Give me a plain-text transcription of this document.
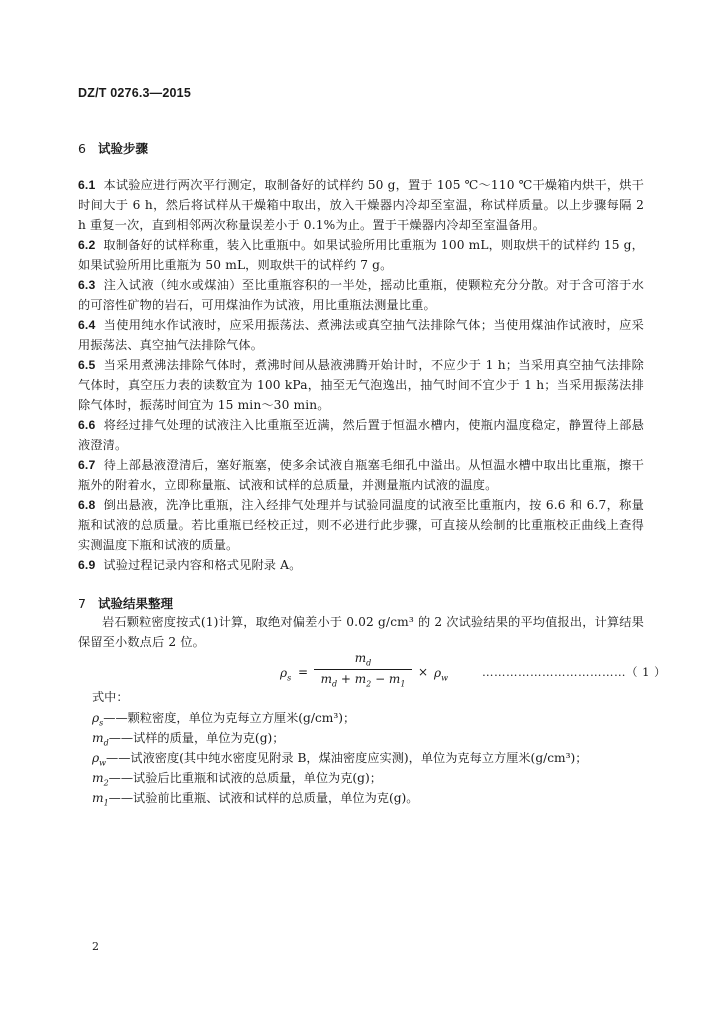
DZ/T 0276.3—2015
6 试验步骤
6.1 本试验应进行两次平行测定，取制备好的试样约 50 g，置于 105 ℃～110 ℃干燥箱内烘干，烘干时间大于 6 h，然后将试样从干燥箱中取出，放入干燥器内冷却至室温，称试样质量。以上步骤每隔 2 h 重复一次，直到相邻两次称量误差小于 0.1%为止。置于干燥器内冷却至室温备用。
6.2 取制备好的试样称重，装入比重瓶中。如果试验所用比重瓶为 100 mL，则取烘干的试样约 15 g，如果试验所用比重瓶为 50 mL，则取烘干的试样约 7 g。
6.3 注入试液（纯水或煤油）至比重瓶容积的一半处，摇动比重瓶，使颗粒充分分散。对于含可溶于水的可溶性矿物的岩石，可用煤油作为试液，用比重瓶法测量比重。
6.4 当使用纯水作试液时，应采用振荡法、煮沸法或真空抽气法排除气体；当使用煤油作试液时，应采用振荡法、真空抽气法排除气体。
6.5 当采用煮沸法排除气体时，煮沸时间从悬液沸腾开始计时，不应少于 1 h；当采用真空抽气法排除气体时，真空压力表的读数宜为 100 kPa，抽至无气泡逸出，抽气时间不宜少于 1 h；当采用振荡法排除气体时，振荡时间宜为 15 min～30 min。
6.6 将经过排气处理的试液注入比重瓶至近满，然后置于恒温水槽内，使瓶内温度稳定，静置待上部悬液澄清。
6.7 待上部悬液澄清后，塞好瓶塞，使多余试液自瓶塞毛细孔中溢出。从恒温水槽中取出比重瓶，擦干瓶外的附着水，立即称量瓶、试液和试样的总质量，并测量瓶内试液的温度。
6.8 倒出悬液，洗净比重瓶，注入经排气处理并与试验同温度的试液至比重瓶内，按 6.6 和 6.7，称量瓶和试液的总质量。若比重瓶已经校正过，则不必进行此步骤，可直接从绘制的比重瓶校正曲线上查得实测温度下瓶和试液的质量。
6.9 试验过程记录内容和格式见附录 A。
7 试验结果整理
岩石颗粒密度按式(1)计算，取绝对偏差小于 0.02 g/cm³ 的 2 次试验结果的平均值报出，计算结果保留至小数点后 2 位。
$\rho_s$ =
$m_d$
$m_d + m_2 - m_1$
× $\rho_w$	………………………………（ 1 ）
式中：
$\rho_s——$颗粒密度，单位为克每立方厘米(g/cm³)；
$m_d——$试样的质量，单位为克(g)；
$\rho_w——$试液密度(其中纯水密度见附录 B，煤油密度应实测)，单位为克每立方厘米(g/cm³)；
$m_2——$试验后比重瓶和试液的总质量，单位为克(g)；
$m_1——$试验前比重瓶、试液和试样的总质量，单位为克(g)。
2
